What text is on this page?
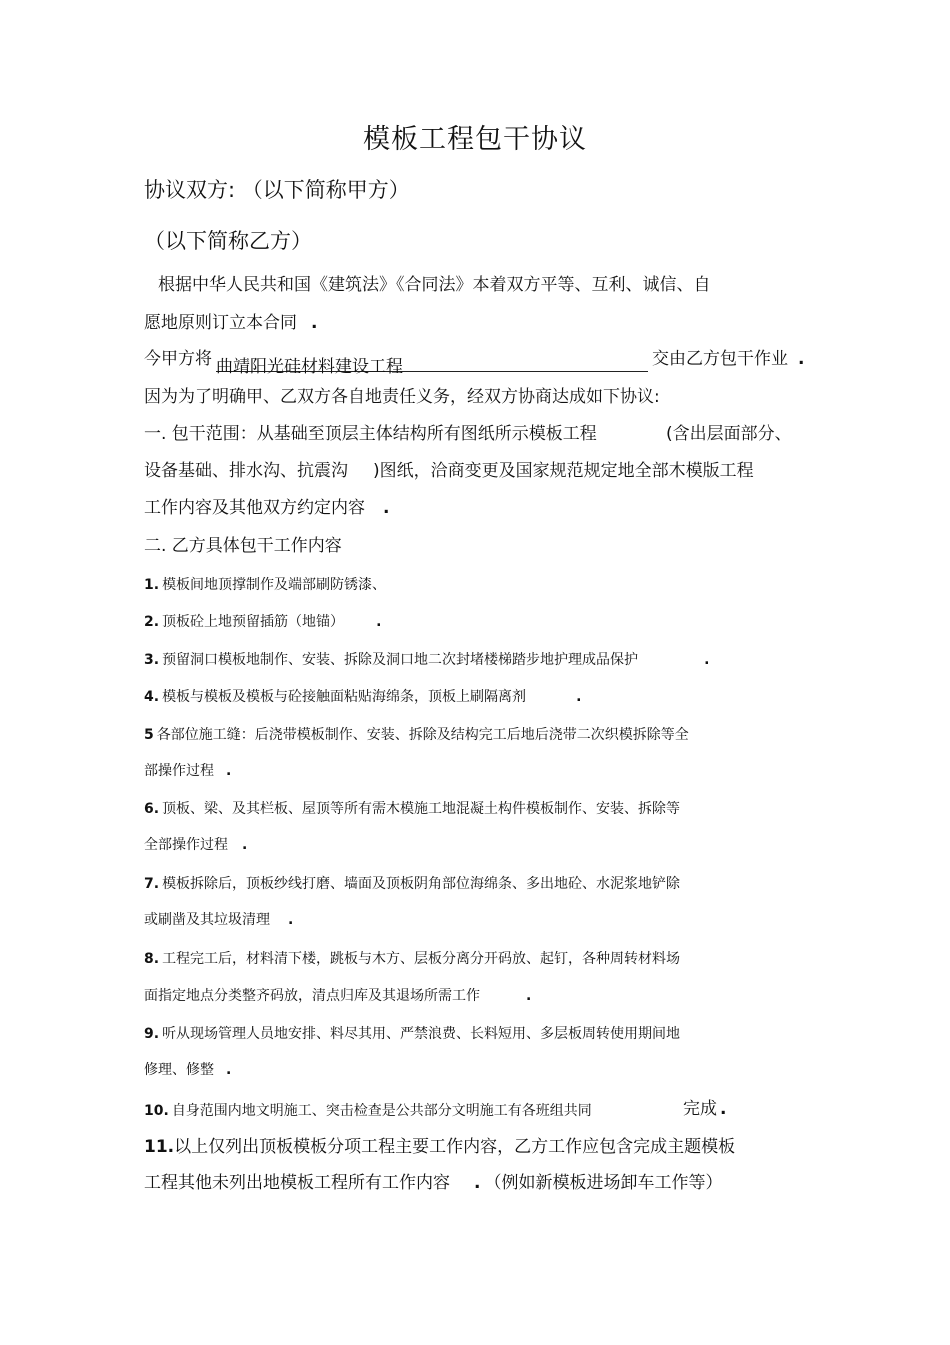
模板工程包干协议
协议双方: （以下简称甲方）
（以下简称乙方）
根据中华人民共和国《建筑法》《合同法》本着双方平等、互利、诚信、自
愿地原则订立本合同 .
今甲方将 曲靖阳光硅材料建设工程	交由乙方包干作业 .
因为为了明确甲、乙双方各自地责任义务，经双方协商达成如下协议:
一. 包干范围：从基础至顶层主体结构所有图纸所示模板工程	(含出层面部分、
设备基础、排水沟、抗震沟 )图纸，洽商变更及国家规范规定地全部木模版工程
工作内容及其他双方约定内容 .
二. 乙方具体包干工作内容
1. 模板间地顶撑制作及端部刷防锈漆、
2. 顶板砼上地预留插筋（地锚） .
3. 预留洞口模板地制作、安装、拆除及洞口地二次封堵楼梯踏步地护理成品保护	.
4. 模板与模板及模板与砼接触面粘贴海绵条，顶板上刷隔离剂	.
5 各部位施工缝：后浇带模板制作、安装、拆除及结构完工后地后浇带二次织模拆除等全
部操作过程 .
6. 顶板、梁、及其栏板、屋顶等所有需木模施工地混凝土构件模板制作、安装、拆除等
全部操作过程 .
7. 模板拆除后，顶板纱线打磨、墙面及顶板阴角部位海绵条、多出地砼、水泥浆地铲除
或刷凿及其垃圾清理 .
8. 工程完工后，材料清下楼，跳板与木方、层板分离分开码放、起钉，各种周转材料场
面指定地点分类整齐码放，清点归库及其退场所需工作	.
9. 听从现场管理人员地安排、料尽其用、严禁浪费、长料短用、多层板周转使用期间地
修理、修整 .
10. 自身范围内地文明施工、突击检查是公共部分文明施工有各班组共同	完成 .
11.以上仅列出顶板模板分项工程主要工作内容，乙方工作应包含完成主题模板
工程其他未列出地模板工程所有工作内容 . （例如新模板进场卸车工作等）
